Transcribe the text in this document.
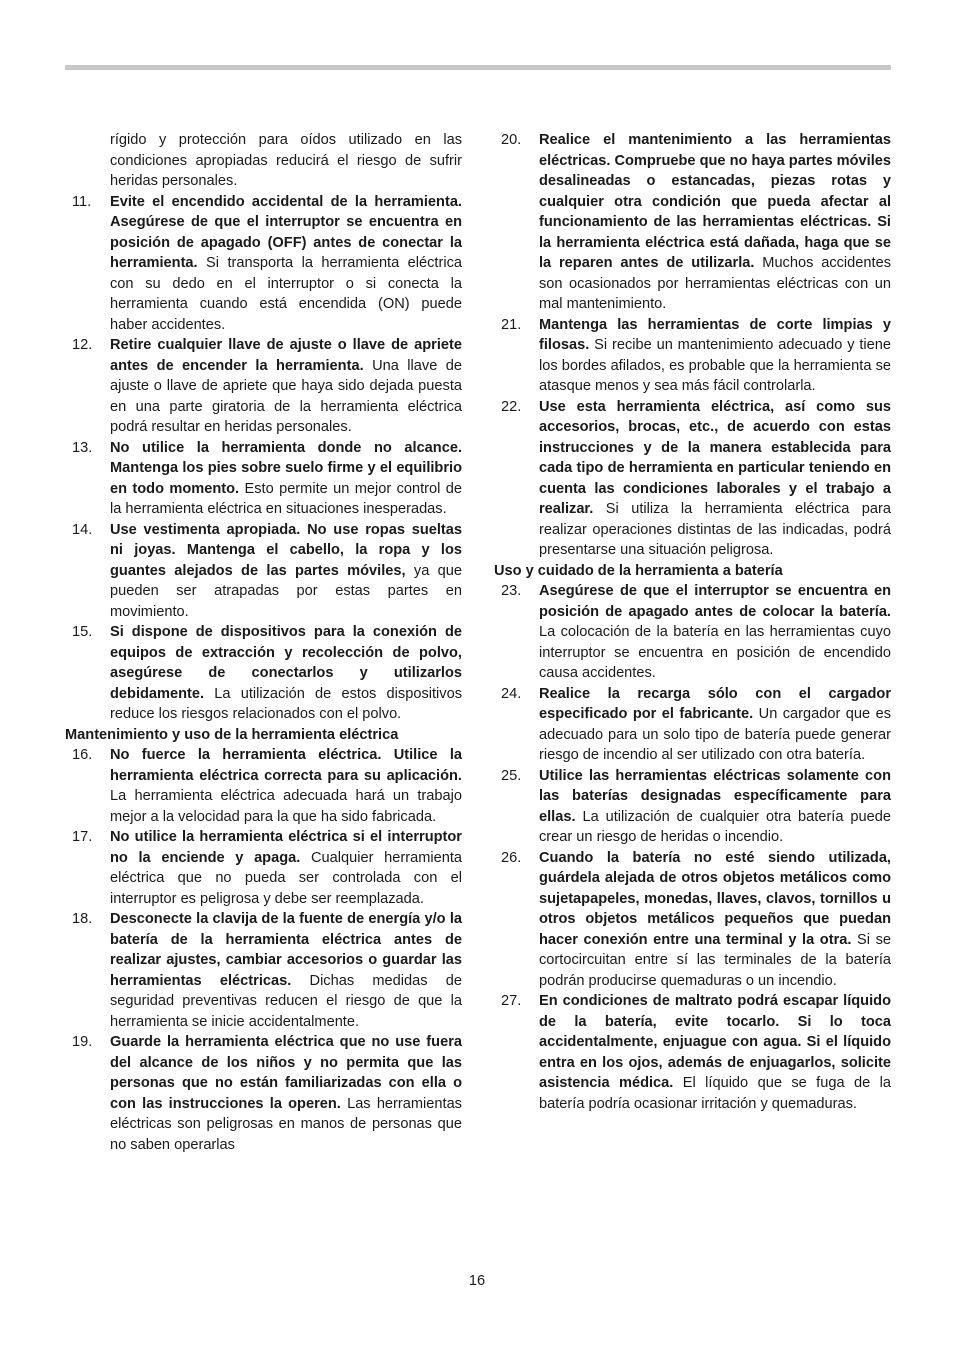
rígido y protección para oídos utilizado en las condiciones apropiadas reducirá el riesgo de sufrir heridas personales.
11. Evite el encendido accidental de la herramienta. Asegúrese de que el interruptor se encuentra en posición de apagado (OFF) antes de conectar la herramienta. Si transporta la herramienta eléctrica con su dedo en el interruptor o si conecta la herramienta cuando está encendida (ON) puede haber accidentes.
12. Retire cualquier llave de ajuste o llave de apriete antes de encender la herramienta. Una llave de ajuste o llave de apriete que haya sido dejada puesta en una parte giratoria de la herramienta eléctrica podrá resultar en heridas personales.
13. No utilice la herramienta donde no alcance. Mantenga los pies sobre suelo firme y el equilibrio en todo momento. Esto permite un mejor control de la herramienta eléctrica en situaciones inesperadas.
14. Use vestimenta apropiada. No use ropas sueltas ni joyas. Mantenga el cabello, la ropa y los guantes alejados de las partes móviles, ya que pueden ser atrapadas por estas partes en movimiento.
15. Si dispone de dispositivos para la conexión de equipos de extracción y recolección de polvo, asegúrese de conectarlos y utilizarlos debidamente. La utilización de estos dispositivos reduce los riesgos relacionados con el polvo.
Mantenimiento y uso de la herramienta eléctrica
16. No fuerce la herramienta eléctrica. Utilice la herramienta eléctrica correcta para su aplicación. La herramienta eléctrica adecuada hará un trabajo mejor a la velocidad para la que ha sido fabricada.
17. No utilice la herramienta eléctrica si el interruptor no la enciende y apaga. Cualquier herramienta eléctrica que no pueda ser controlada con el interruptor es peligrosa y debe ser reemplazada.
18. Desconecte la clavija de la fuente de energía y/o la batería de la herramienta eléctrica antes de realizar ajustes, cambiar accesorios o guardar las herramientas eléctricas. Dichas medidas de seguridad preventivas reducen el riesgo de que la herramienta se inicie accidentalmente.
19. Guarde la herramienta eléctrica que no use fuera del alcance de los niños y no permita que las personas que no están familiarizadas con ella o con las instrucciones la operen. Las herramientas eléctricas son peligrosas en manos de personas que no saben operarlas
20. Realice el mantenimiento a las herramientas eléctricas. Compruebe que no haya partes móviles desalineadas o estancadas, piezas rotas y cualquier otra condición que pueda afectar al funcionamiento de las herramientas eléctricas. Si la herramienta eléctrica está dañada, haga que se la reparen antes de utilizarla. Muchos accidentes son ocasionados por herramientas eléctricas con un mal mantenimiento.
21. Mantenga las herramientas de corte limpias y filosas. Si recibe un mantenimiento adecuado y tiene los bordes afilados, es probable que la herramienta se atasque menos y sea más fácil controlarla.
22. Use esta herramienta eléctrica, así como sus accesorios, brocas, etc., de acuerdo con estas instrucciones y de la manera establecida para cada tipo de herramienta en particular teniendo en cuenta las condiciones laborales y el trabajo a realizar. Si utiliza la herramienta eléctrica para realizar operaciones distintas de las indicadas, podrá presentarse una situación peligrosa.
Uso y cuidado de la herramienta a batería
23. Asegúrese de que el interruptor se encuentra en posición de apagado antes de colocar la batería. La colocación de la batería en las herramientas cuyo interruptor se encuentra en posición de encendido causa accidentes.
24. Realice la recarga sólo con el cargador especificado por el fabricante. Un cargador que es adecuado para un solo tipo de batería puede generar riesgo de incendio al ser utilizado con otra batería.
25. Utilice las herramientas eléctricas solamente con las baterías designadas específicamente para ellas. La utilización de cualquier otra batería puede crear un riesgo de heridas o incendio.
26. Cuando la batería no esté siendo utilizada, guárdela alejada de otros objetos metálicos como sujetapapeles, monedas, llaves, clavos, tornillos u otros objetos metálicos pequeños que puedan hacer conexión entre una terminal y la otra. Si se cortocircuitan entre sí las terminales de la batería podrán producirse quemaduras o un incendio.
27. En condiciones de maltrato podrá escapar líquido de la batería, evite tocarlo. Si lo toca accidentalmente, enjuague con agua. Si el líquido entra en los ojos, además de enjuagarlos, solicite asistencia médica. El líquido que se fuga de la batería podría ocasionar irritación y quemaduras.
16
